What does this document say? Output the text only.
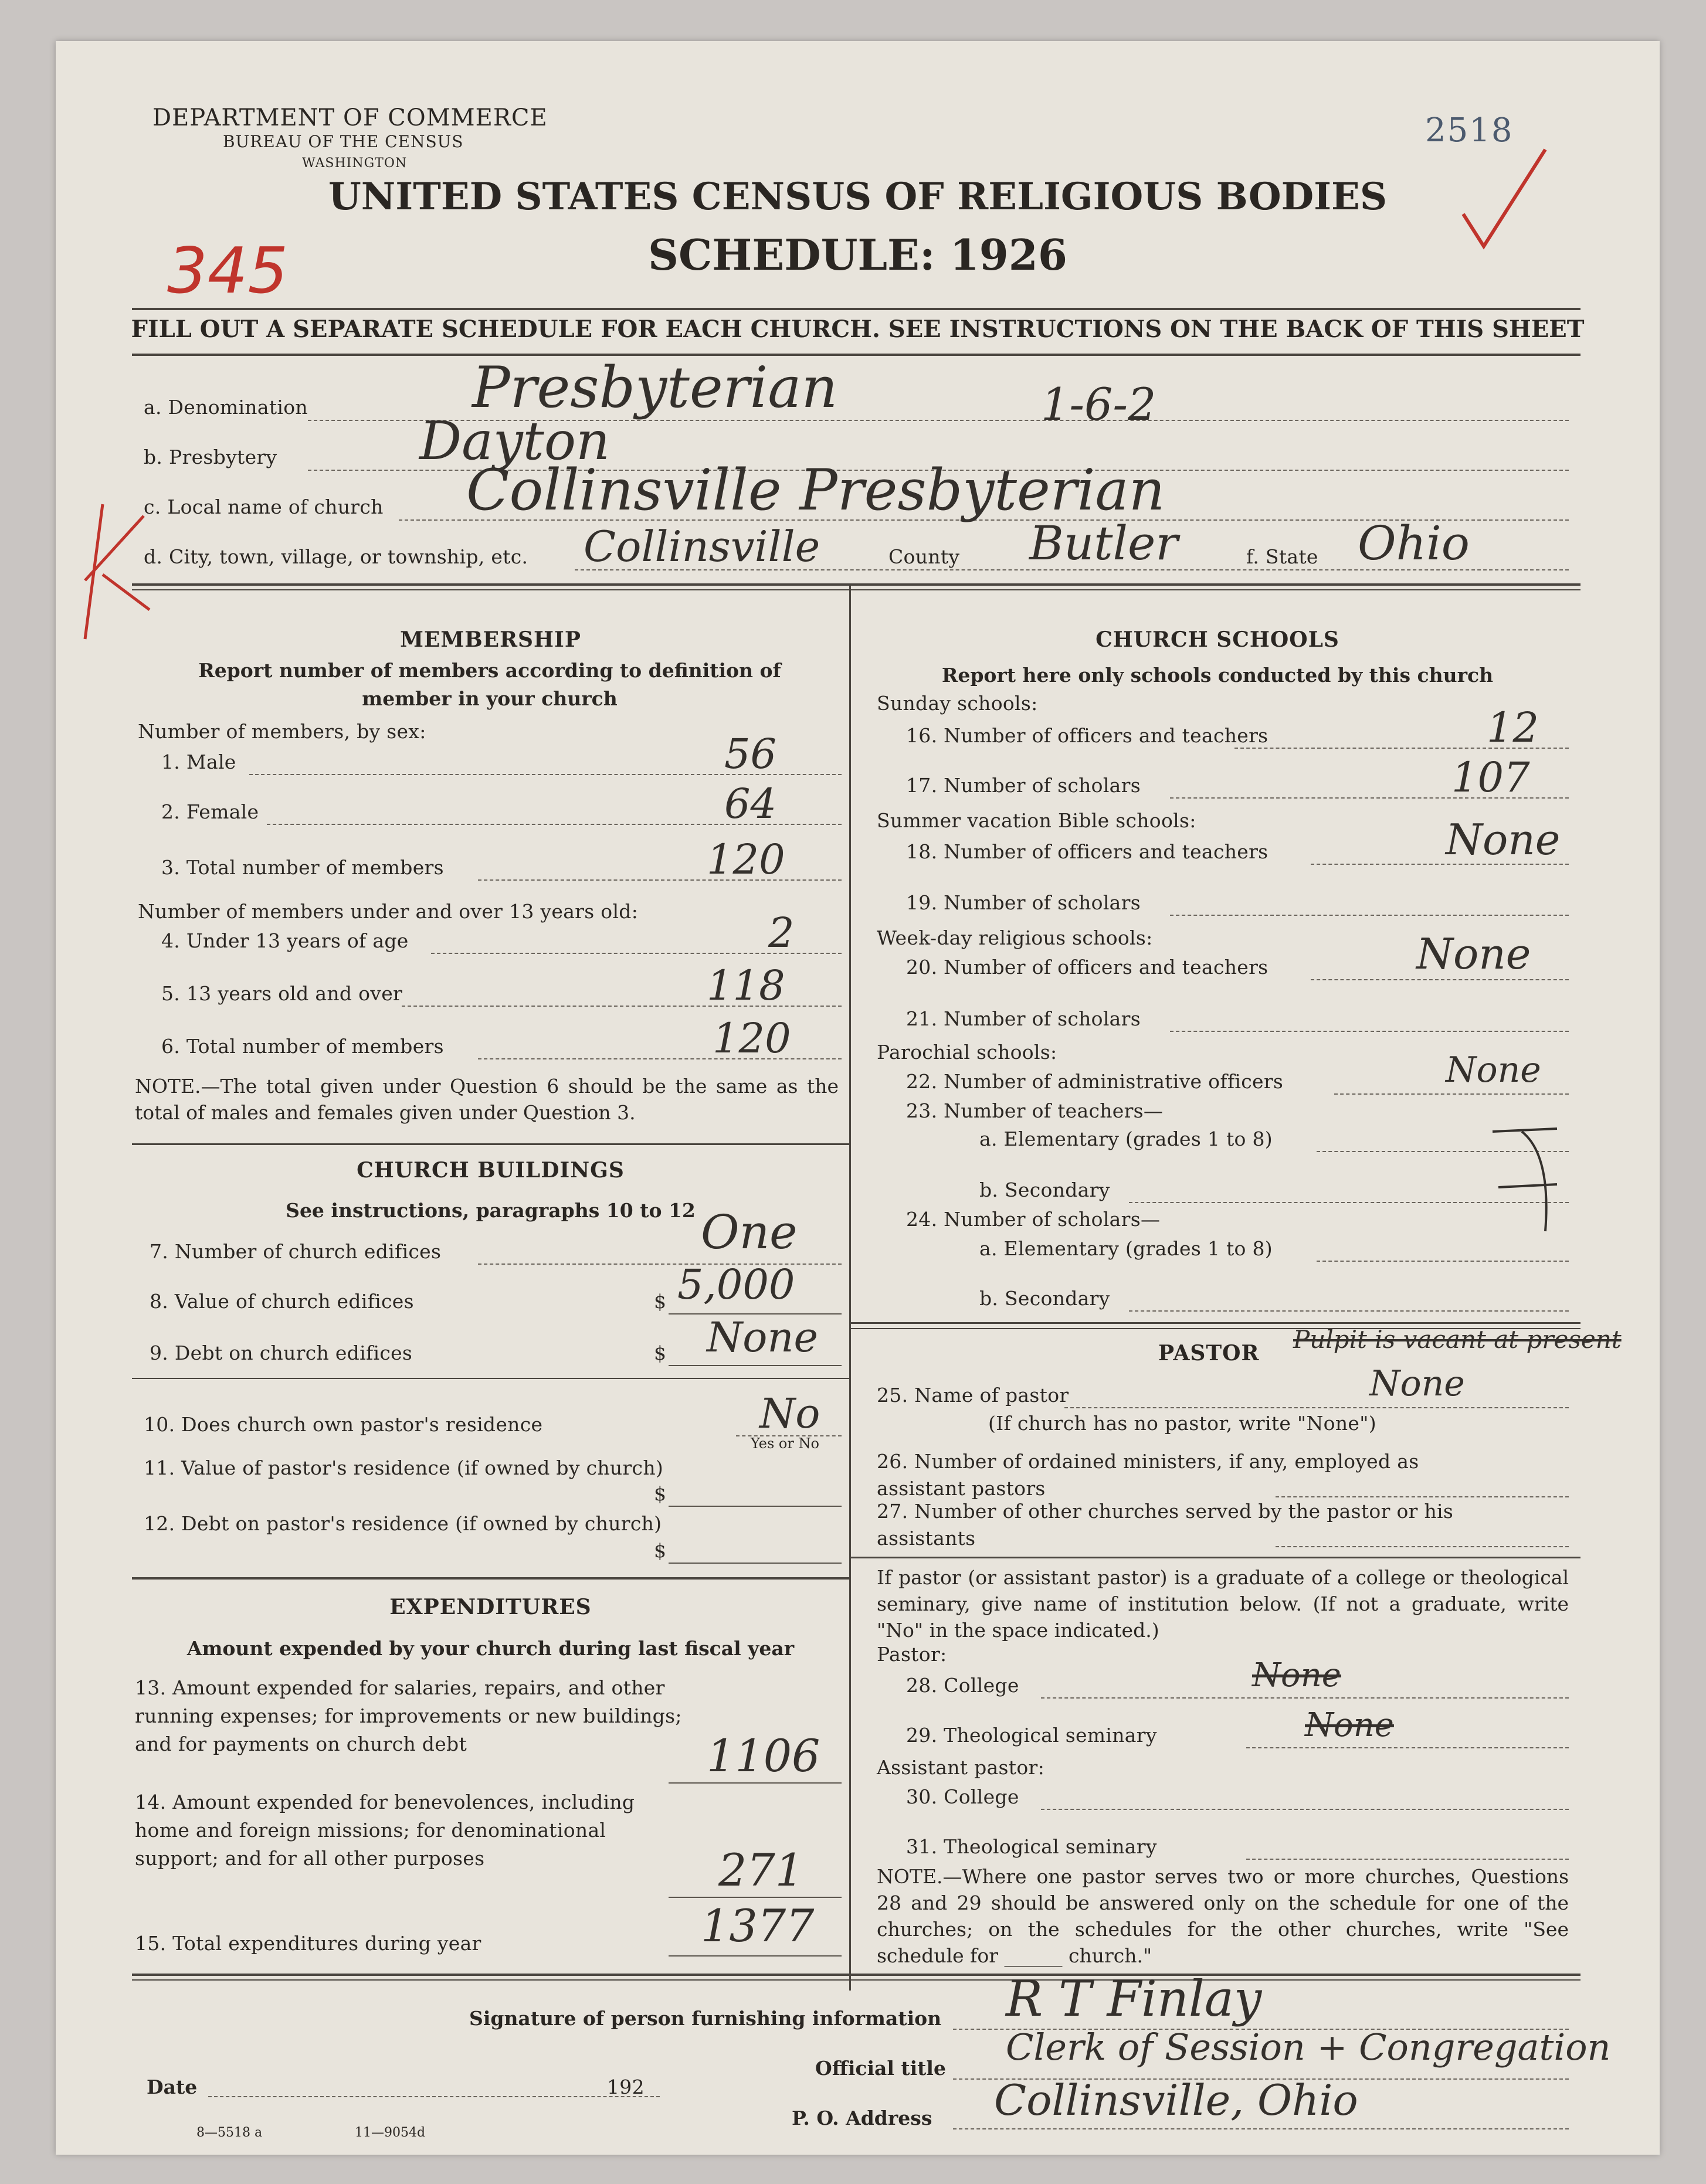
DEPARTMENT OF COMMERCE
BUREAU OF THE CENSUS
WASHINGTON
UNITED STATES CENSUS OF RELIGIOUS BODIES
SCHEDULE: 1926
2518
345
FILL OUT A SEPARATE SCHEDULE FOR EACH CHURCH. SEE INSTRUCTIONS ON THE BACK OF THIS SHEET
a. Denomination	Presbyterian	1-6-2
b. Presbytery	Dayton
c. Local name of church Collinsville Presbyterian
d. City, town, village, or township, etc. Collinsville	County Butler	f. State Ohio
MEMBERSHIP
Report number of members according to definition of member in your church
Number of members, by sex:
1. Male	56
2. Female	64
3. Total number of members	120
Number of members under and over 13 years old:
4. Under 13 years of age	2
5. 13 years old and over	118
6. Total number of members	120
NOTE.—The total given under Question 6 should be the same as the total of males and females given under Question 3.
CHURCH BUILDINGS
See instructions, paragraphs 10 to 12
7. Number of church edifices	One
8. Value of church edifices	$ 5,000
9. Debt on church edifices	$ None
10. Does church own pastor's residence	No
Yes or No
11. Value of pastor's residence (if owned by church)
$
12. Debt on pastor's residence (if owned by church)
$
EXPENDITURES
Amount expended by your church during last fiscal year
13. Amount expended for salaries, repairs, and other running expenses; for improvements or new buildings; and for payments on church debt	1106
14. Amount expended for benevolences, including home and foreign missions; for denominational support; and for all other purposes	271
15. Total expenditures during year	1377
CHURCH SCHOOLS
Report here only schools conducted by this church
Sunday schools:
16. Number of officers and teachers	12
17. Number of scholars	107
Summer vacation Bible schools:
18. Number of officers and teachers	None
19. Number of scholars
Week-day religious schools:
20. Number of officers and teachers	None
21. Number of scholars
Parochial schools:
22. Number of administrative officers	None
23. Number of teachers—
a. Elementary (grades 1 to 8)
b. Secondary
24. Number of scholars—
a. Elementary (grades 1 to 8)
b. Secondary
PASTOR Pulpit is vacant at present
25. Name of pastor	None
(If church has no pastor, write "None")
26. Number of ordained ministers, if any, employed as assistant pastors
27. Number of other churches served by the pastor or his assistants
If pastor (or assistant pastor) is a graduate of a college or theological seminary, give name of institution below. (If not a graduate, write "No" in the space indicated.)
Pastor:
28. College	None
29. Theological seminary	None
Assistant pastor:
30. College
31. Theological seminary
NOTE.—Where one pastor serves two or more churches, Questions 28 and 29 should be answered only on the schedule for one of the churches; on the schedules for the other churches, write "See schedule for ______ church."
Signature of person furnishing information R T Finlay
Official title Clerk of Session + Congregation
Date	192
P. O. Address Collinsville, Ohio
8—5518 a	11—9054d
